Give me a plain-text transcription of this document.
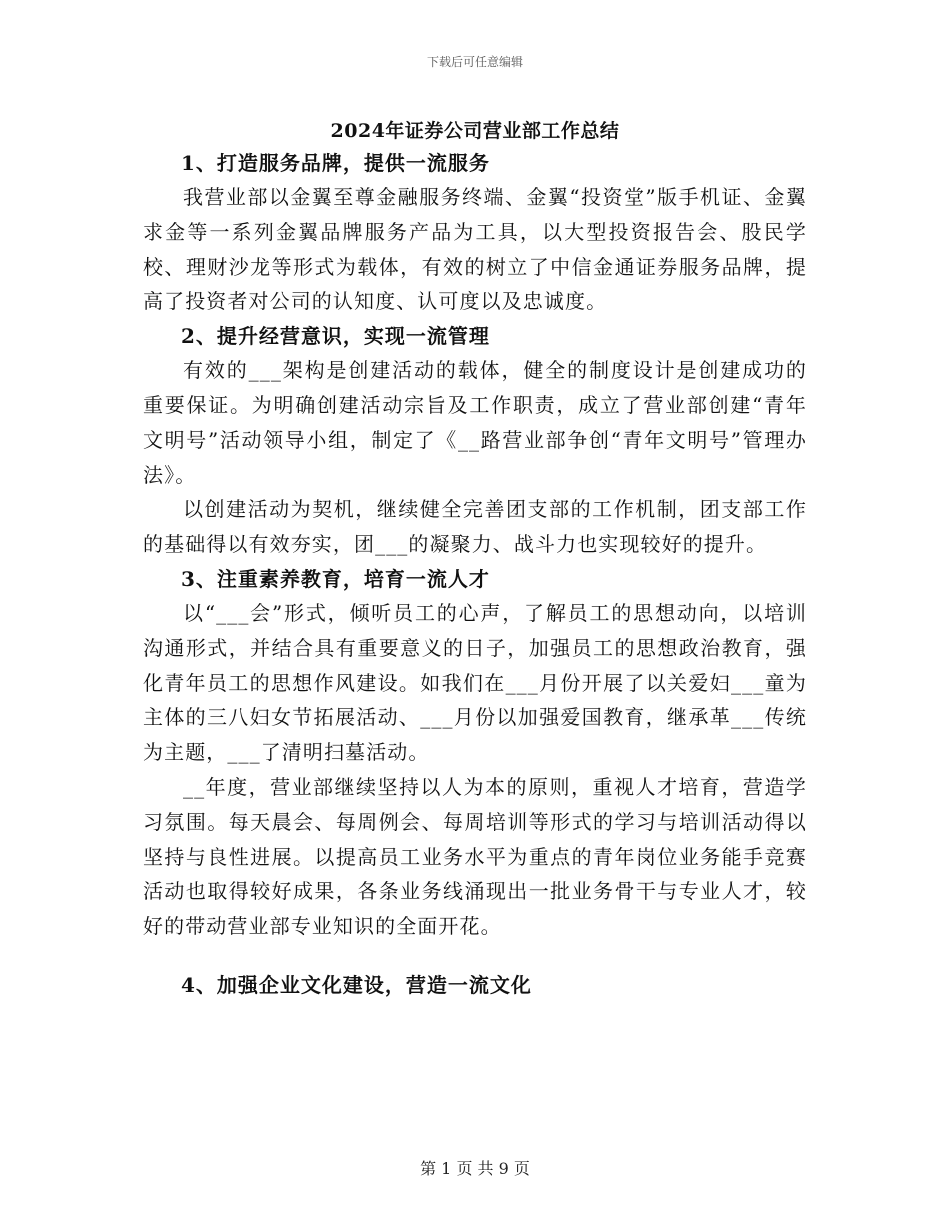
下载后可任意编辑
2024年证券公司营业部工作总结
1、打造服务品牌，提供一流服务

我营业部以金翼至尊金融服务终端、金翼“投资堂”版手机证、金翼求金等一系列金翼品牌服务产品为工具，以大型投资报告会、股民学校、理财沙龙等形式为载体，有效的树立了中信金通证券服务品牌，提高了投资者对公司的认知度、认可度以及忠诚度。

2、提升经营意识，实现一流管理

有效的___架构是创建活动的载体，健全的制度设计是创建成功的重要保证。为明确创建活动宗旨及工作职责，成立了营业部创建“青年文明号”活动领导小组，制定了《__路营业部争创“青年文明号”管理办法》。

以创建活动为契机，继续健全完善团支部的工作机制，团支部工作的基础得以有效夯实，团___的凝聚力、战斗力也实现较好的提升。

3、注重素养教育，培育一流人才

以“___会”形式，倾听员工的心声，了解员工的思想动向，以培训沟通形式，并结合具有重要意义的日子，加强员工的思想政治教育，强化青年员工的思想作风建设。如我们在___月份开展了以关爱妇___童为主体的三八妇女节拓展活动、___月份以加强爱国教育，继承革___传统为主题，___了清明扫墓活动。

__年度，营业部继续坚持以人为本的原则，重视人才培育，营造学习氛围。每天晨会、每周例会、每周培训等形式的学习与培训活动得以坚持与良性进展。以提高员工业务水平为重点的青年岗位业务能手竞赛活动也取得较好成果，各条业务线涌现出一批业务骨干与专业人才，较好的带动营业部专业知识的全面开花。

4、加强企业文化建设，营造一流文化
第 1 页 共 9 页
